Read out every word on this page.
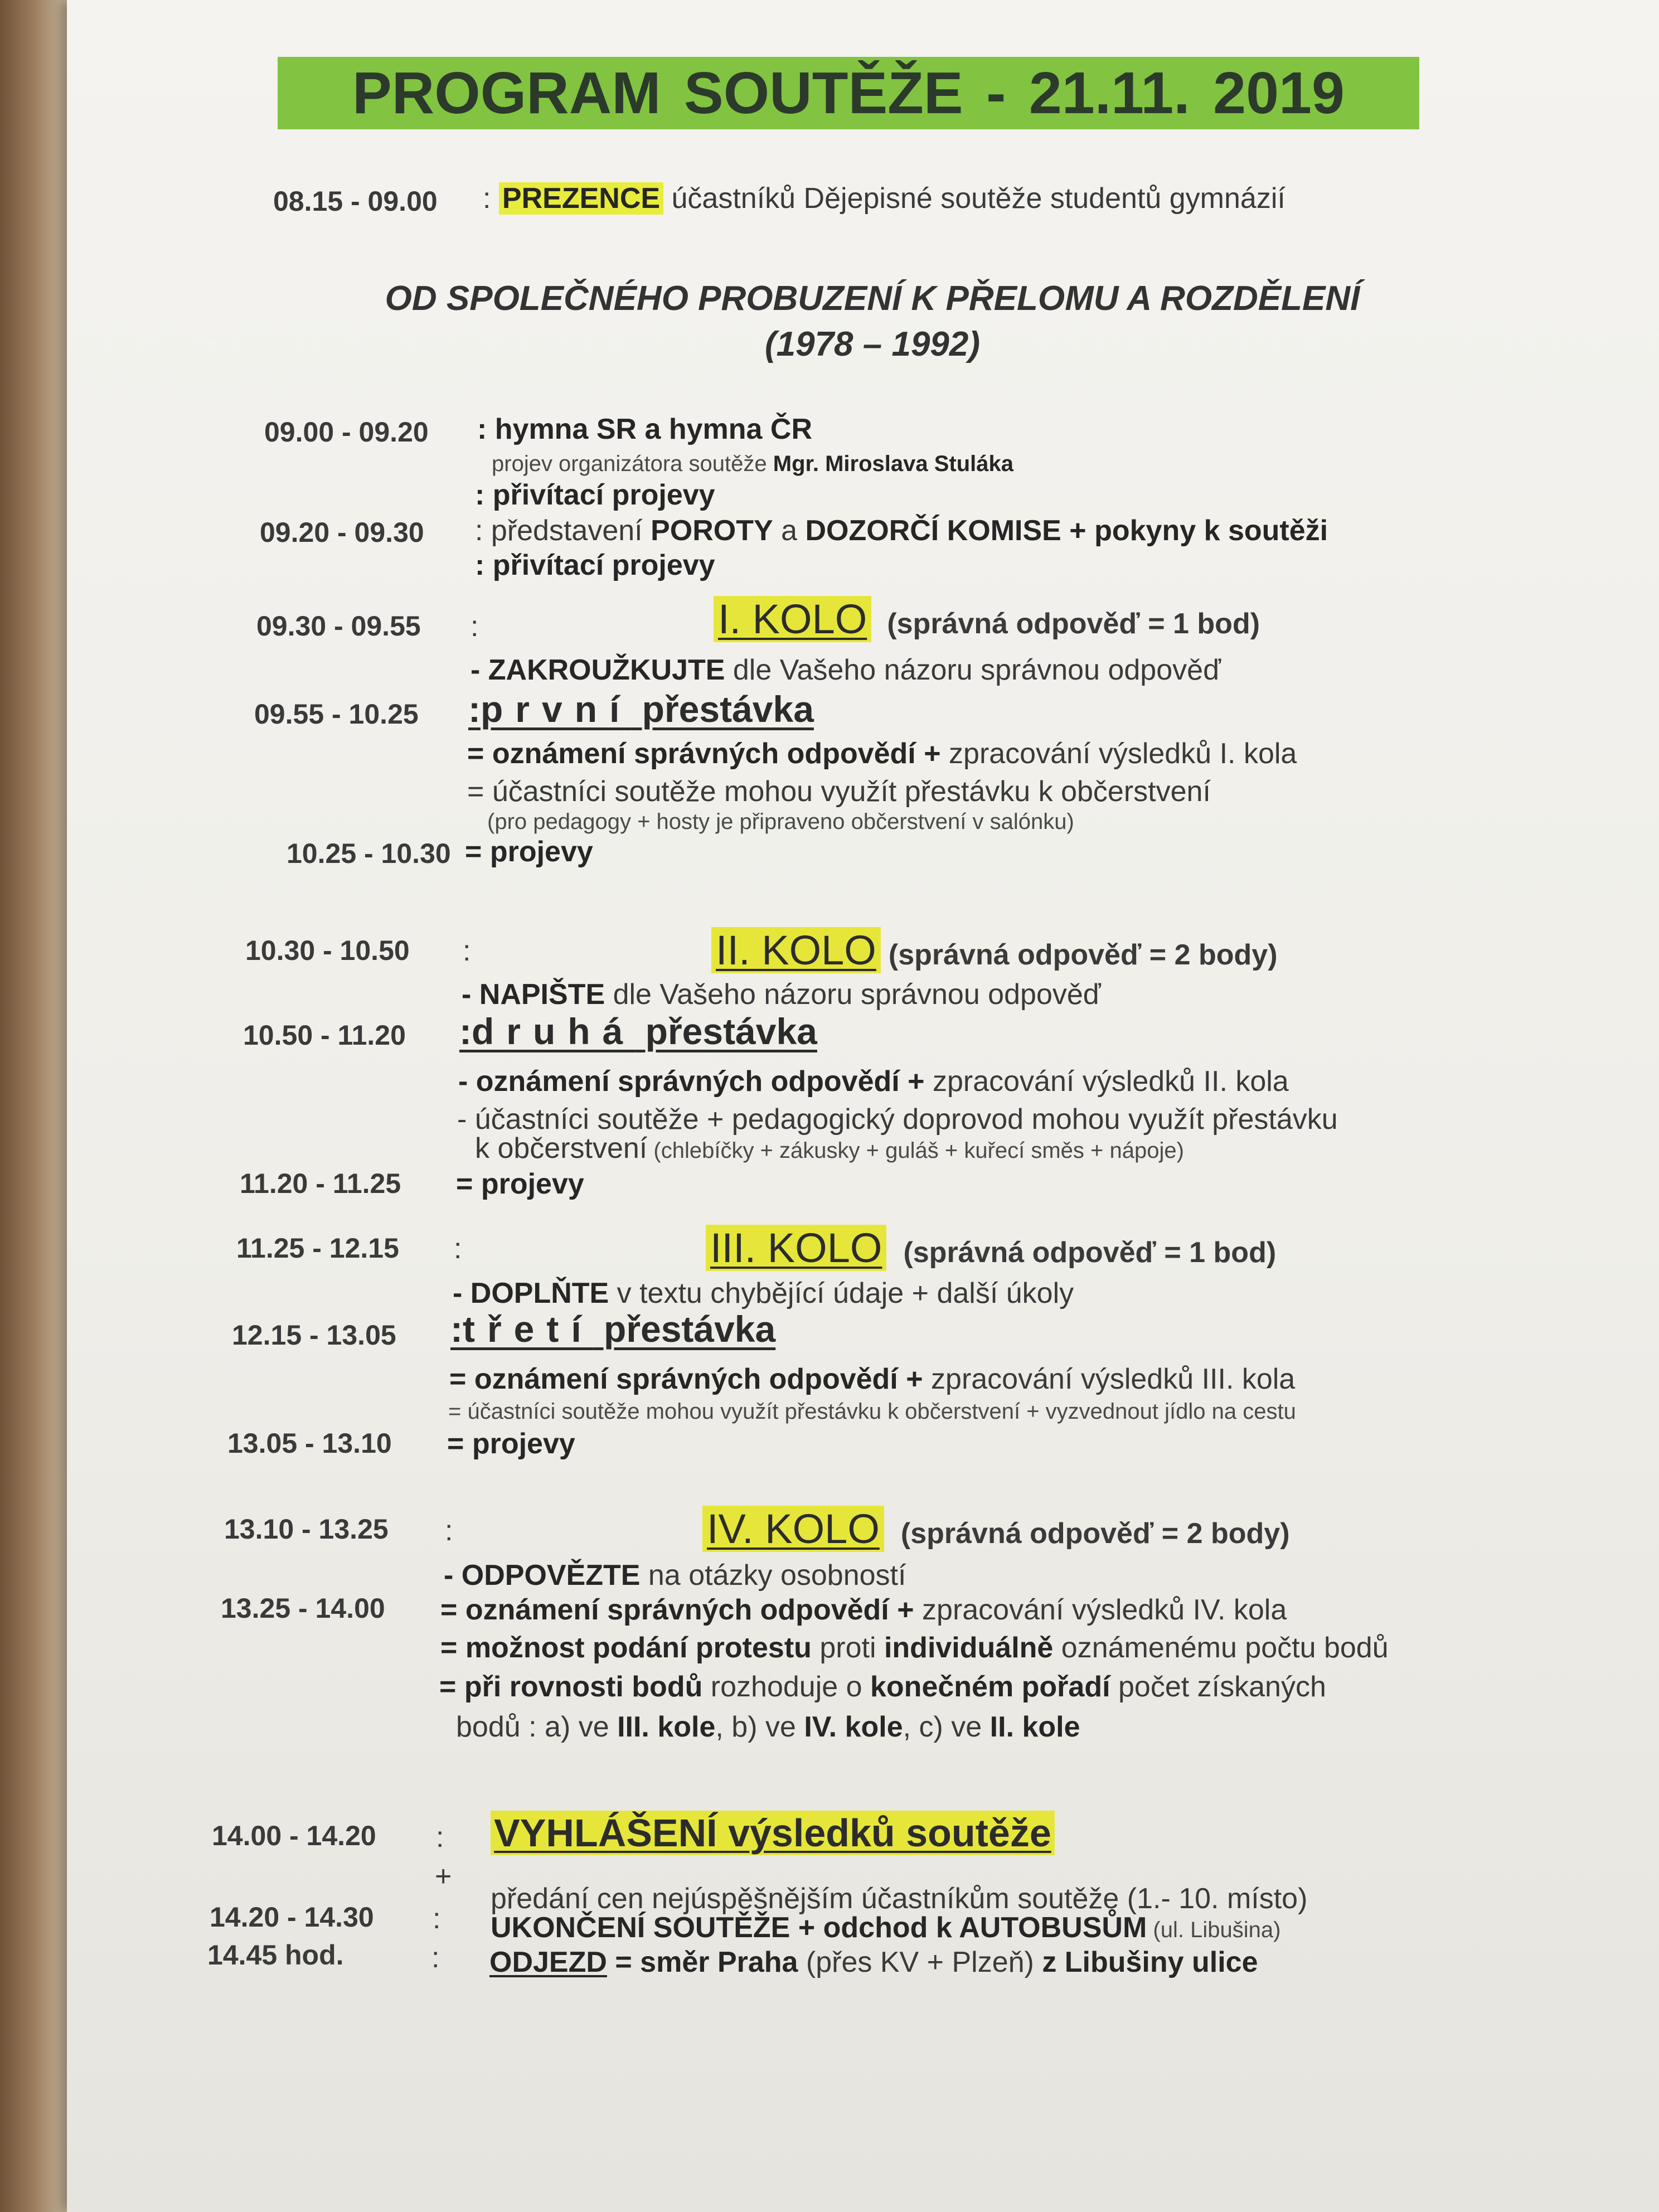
PROGRAM SOUTĚŽE - 21.11. 2019
08.15 - 09.00 : PREZENCE účastníků Dějepisné soutěže studentů gymnázií
OD SPOLEČNÉHO PROBUZENÍ K PŘELOMU A ROZDĚLENÍ
(1978 – 1992)
09.00 - 09.20 : hymna SR a hymna ČR
projev organizátora soutěže Mgr. Miroslava Stuláka
: přivítací projevy
09.20 - 09.30 : představení POROTY a DOZORČÍ KOMISE + pokyny k soutěži
: přivítací projevy
09.30 - 09.55 :	I. KOLO (správná odpověď = 1 bod)
- ZAKROUŽKUJTE dle Vašeho názoru správnou odpověď
09.55 - 10.25 :první přestávka
= oznámení správných odpovědí + zpracování výsledků I. kola
= účastníci soutěže mohou využít přestávku k občerstvení
(pro pedagogy + hosty je připraveno občerstvení v salónku)
10.25 - 10.30 = projevy
10.30 - 10.50 :	II. KOLO (správná odpověď = 2 body)
- NAPIŠTE dle Vašeho názoru správnou odpověď
10.50 - 11.20 :druhá přestávka
- oznámení správných odpovědí + zpracování výsledků II. kola
- účastníci soutěže + pedagogický doprovod mohou využít přestávku
k občerstvení (chlebíčky + zákusky + guláš + kuřecí směs + nápoje)
11.20 - 11.25 = projevy
11.25 - 12.15 :	III. KOLO (správná odpověď = 1 bod)
- DOPLŇTE v textu chybějící údaje + další úkoly
12.15 - 13.05 :třetí přestávka
= oznámení správných odpovědí + zpracování výsledků III. kola
= účastníci soutěže mohou využít přestávku k občerstvení + vyzvednout jídlo na cestu
13.05 - 13.10 = projevy
13.10 - 13.25 :	IV. KOLO (správná odpověď = 2 body)
- ODPOVĚZTE na otázky osobností
13.25 - 14.00 = oznámení správných odpovědí + zpracování výsledků IV. kola
= možnost podání protestu proti individuálně oznámenému počtu bodů
= při rovnosti bodů rozhoduje o konečném pořadí počet získaných
bodů : a) ve III. kole, b) ve IV. kole, c) ve II. kole
14.00 - 14.20 : VYHLÁŠENÍ výsledků soutěže
+
předání cen nejúspěšnějším účastníkům soutěže (1.- 10. místo)
14.20 - 14.30 : UKONČENÍ SOUTĚŽE + odchod k AUTOBUSŮM (ul. Libušina)
14.45 hod.	: ODJEZD = směr Praha (přes KV + Plzeň) z Libušiny ulice
